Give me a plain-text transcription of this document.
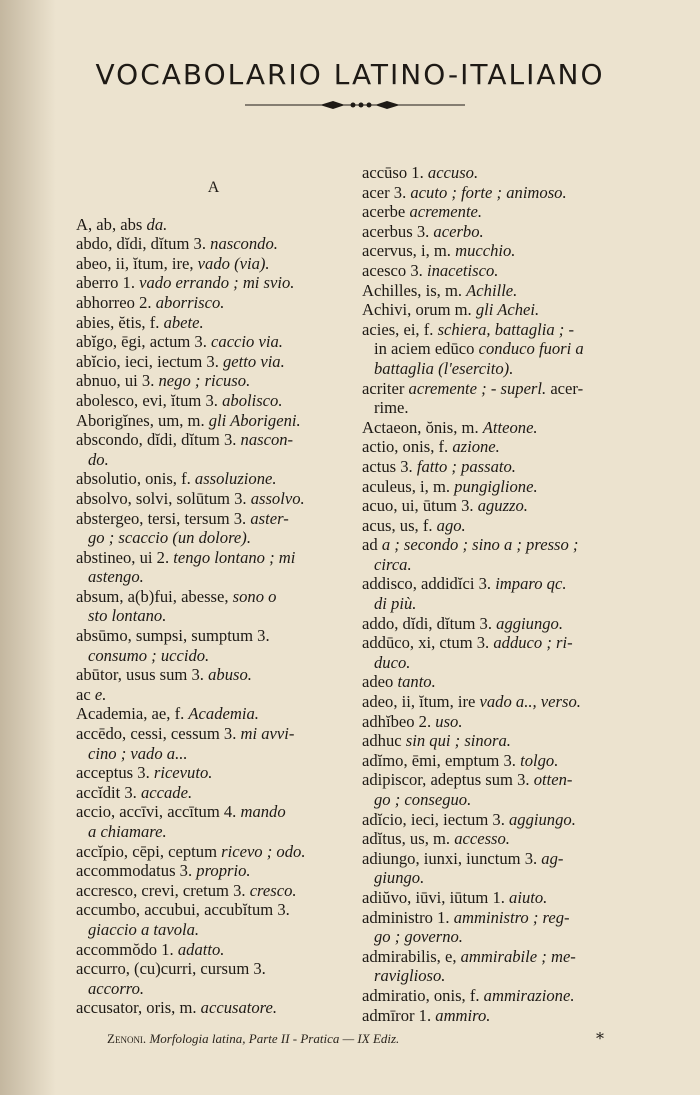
VOCABOLARIO LATINO-ITALIANO
A
A, ab, abs da.
abdo, dĭdi, dĭtum 3. nascondo.
abeo, ii, ĭtum, ire, vado (via).
aberro 1. vado errando ; mi svio.
abhorreo 2. aborrisco.
abies, ĕtis, f. abete.
abĭgo, ēgi, actum 3. caccio via.
abĭcio, ieci, iectum 3. getto via.
abnuo, ui 3. nego ; ricuso.
abolesco, evi, ĭtum 3. abolisco.
Aborigĭnes, um, m. gli Aborigeni.
abscondo, dĭdi, dĭtum 3. nascon-
do.
absolutio, onis, f. assoluzione.
absolvo, solvi, solūtum 3. assolvo.
abstergeo, tersi, tersum 3. aster-
go ; scaccio (un dolore).
abstineo, ui 2. tengo lontano ; mi
astengo.
absum, a(b)fui, abesse, sono o
sto lontano.
absūmo, sumpsi, sumptum 3.
consumo ; uccido.
abūtor, usus sum 3. abuso.
ac e.
Academia, ae, f. Academia.
accēdo, cessi, cessum 3. mi avvi-
cino ; vado a...
acceptus 3. ricevuto.
accĭdit 3. accade.
accio, accīvi, accītum 4. mando
a chiamare.
accĭpio, cēpi, ceptum ricevo ; odo.
accommodatus 3. proprio.
accresco, crevi, cretum 3. cresco.
accumbo, accubui, accubĭtum 3.
giaccio a tavola.
accommŏdo 1. adatto.
accurro, (cu)curri, cursum 3.
accorro.
accusator, oris, m. accusatore.
accūso 1. accuso.
acer 3. acuto ; forte ; animoso.
acerbe acremente.
acerbus 3. acerbo.
acervus, i, m. mucchio.
acesco 3. inacetisco.
Achilles, is, m. Achille.
Achivi, orum m. gli Achei.
acies, ei, f. schiera, battaglia ; -
in aciem edūco conduco fuori a
battaglia (l'esercito).
acriter acremente ; - superl. acer-
rime.
Actaeon, ŏnis, m. Atteone.
actio, onis, f. azione.
actus 3. fatto ; passato.
aculeus, i, m. pungiglione.
acuo, ui, ūtum 3. aguzzo.
acus, us, f. ago.
ad a ; secondo ; sino a ; presso ;
circa.
addisco, addidĭci 3. imparo qc.
di più.
addo, dĭdi, dĭtum 3. aggiungo.
addūco, xi, ctum 3. adduco ; ri-
duco.
adeo tanto.
adeo, ii, ĭtum, ire vado a.., verso.
adhĭbeo 2. uso.
adhuc sin qui ; sinora.
adĭmo, ēmi, emptum 3. tolgo.
adipiscor, adeptus sum 3. otten-
go ; conseguo.
adĭcio, ieci, iectum 3. aggiungo.
adĭtus, us, m. accesso.
adiungo, iunxi, iunctum 3. ag-
giungo.
adiŭvo, iūvi, iūtum 1. aiuto.
administro 1. amministro ; reg-
go ; governo.
admirabilis, e, ammirabile ; me-
raviglioso.
admiratio, onis, f. ammirazione.
admīror 1. ammiro.
Zenoni. Morfologia latina, Parte II - Pratica — IX Ediz.	*
